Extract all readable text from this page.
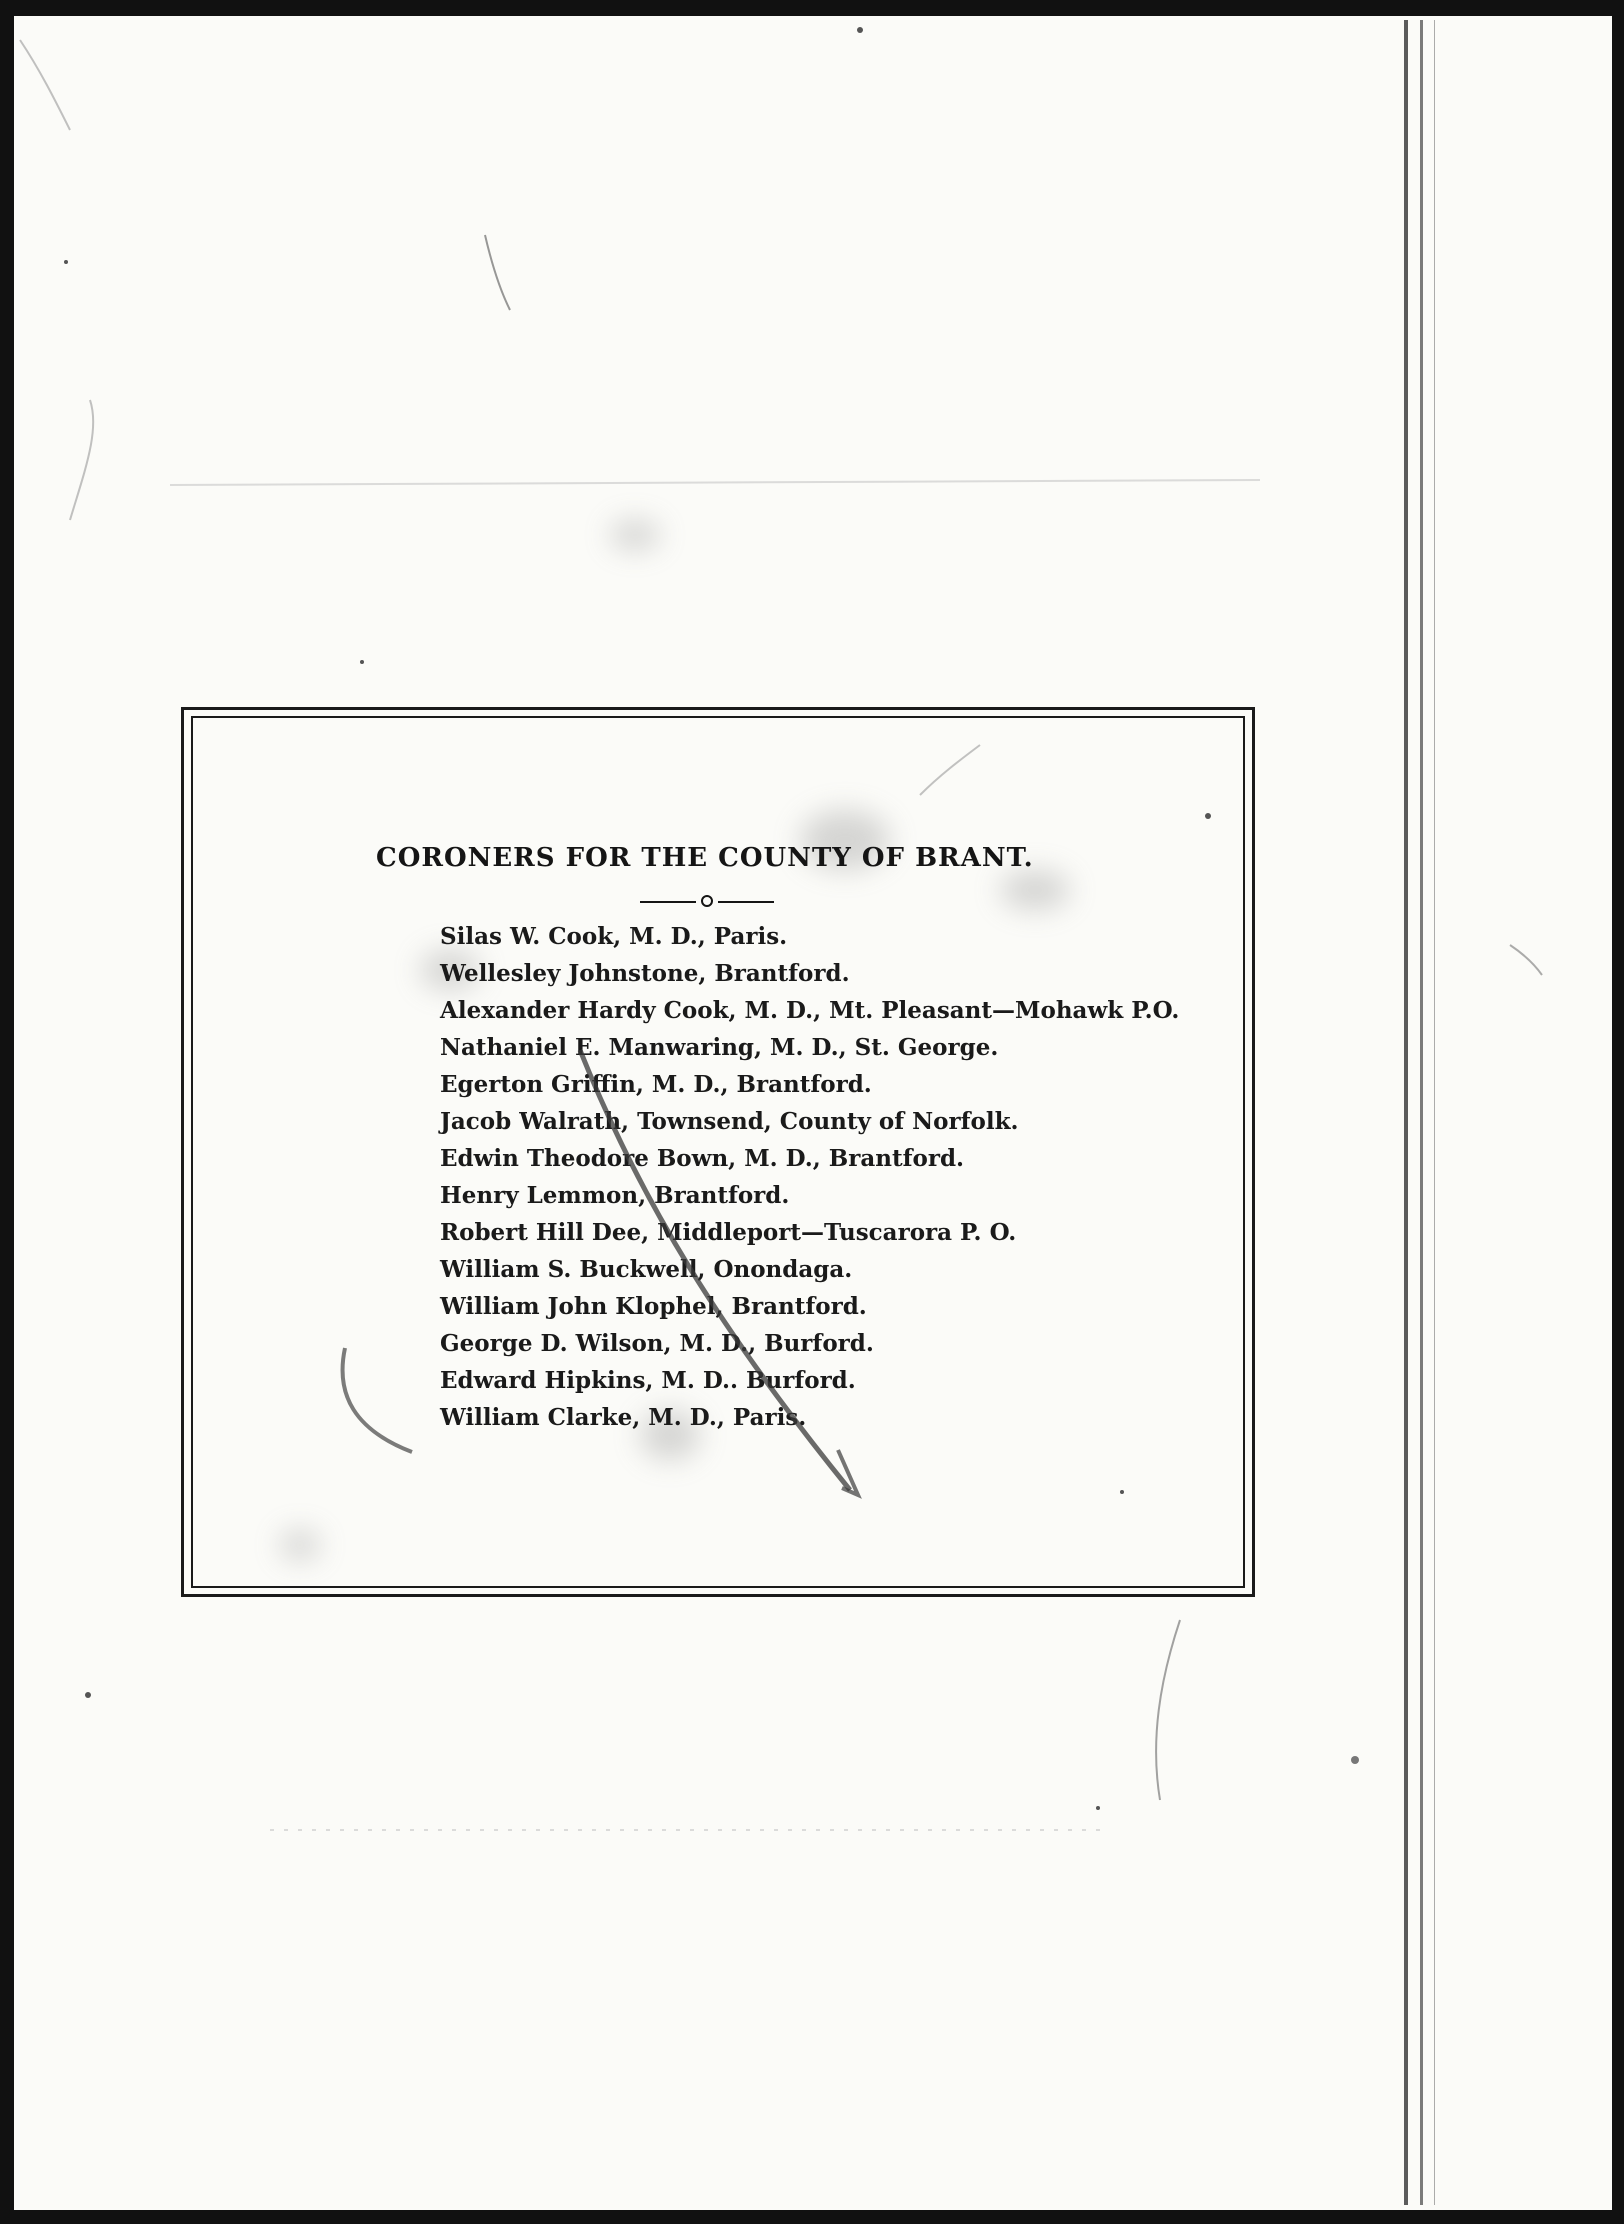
CORONERS FOR THE COUNTY OF BRANT.
Silas W. Cook, M. D., Paris.
Wellesley Johnstone, Brantford.
Alexander Hardy Cook, M. D., Mt. Pleasant—Mohawk P.O.
Nathaniel E. Manwaring, M. D., St. George.
Egerton Griffin, M. D., Brantford.
Jacob Walrath, Townsend, County of Norfolk.
Edwin Theodore Bown, M. D., Brantford.
Henry Lemmon, Brantford.
Robert Hill Dee, Middleport—Tuscarora P. O.
William S. Buckwell, Onondaga.
William John Klophel, Brantford.
George D. Wilson, M. D., Burford.
Edward Hipkins, M. D.. Burford.
William Clarke, M. D., Paris.
